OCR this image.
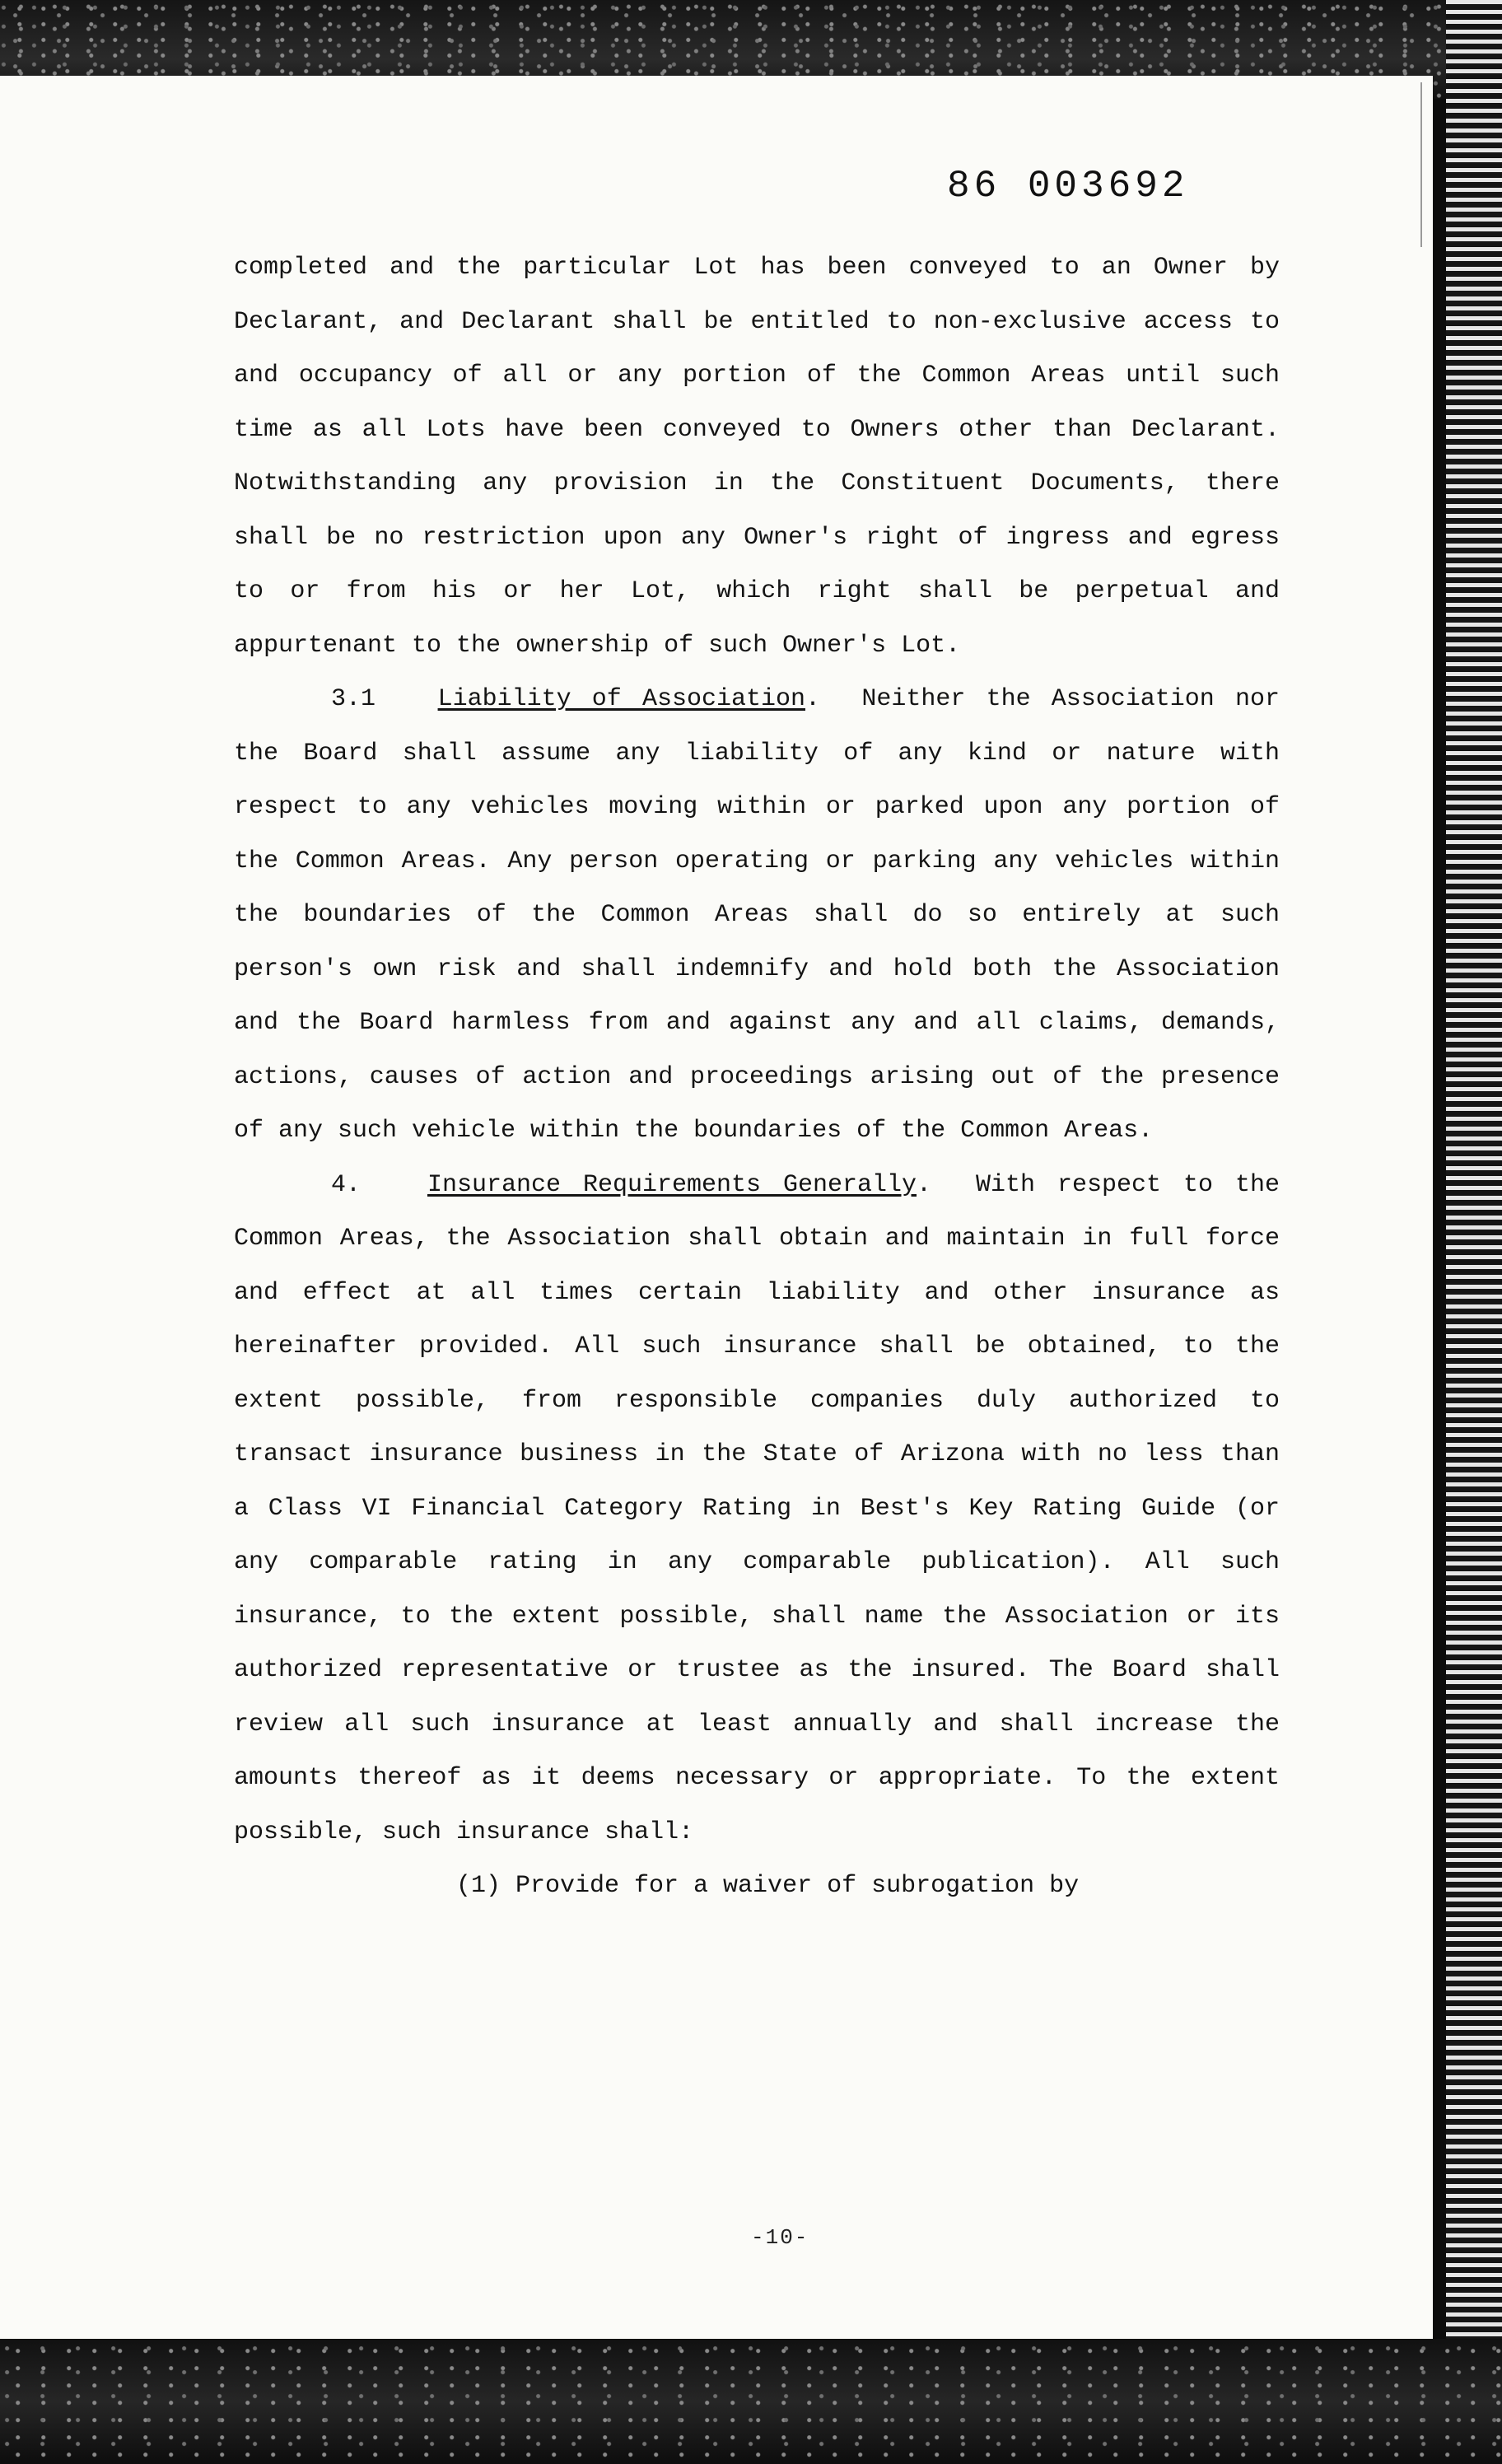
86 003692

completed and the particular Lot has been conveyed to an Owner by Declarant, and Declarant shall be entitled to non-exclusive access to and occupancy of all or any portion of the Common Areas until such time as all Lots have been conveyed to Owners other than Declarant. Notwithstanding any provision in the Constituent Documents, there shall be no restriction upon any Owner's right of ingress and egress to or from his or her Lot, which right shall be perpetual and appurtenant to the ownership of such Owner's Lot.

3.1	Liability of Association.  Neither the Association nor the Board shall assume any liability of any kind or nature with respect to any vehicles moving within or parked upon any portion of the Common Areas. Any person operating or parking any vehicles within the boundaries of the Common Areas shall do so entirely at such person's own risk and shall indemnify and hold both the Association and the Board harmless from and against any and all claims, demands, actions, causes of action and proceedings arising out of the presence of any such vehicle within the boundaries of the Common Areas.

4.	Insurance Requirements Generally.  With respect to the Common Areas, the Association shall obtain and maintain in full force and effect at all times certain liability and other insurance as hereinafter provided. All such insurance shall be obtained, to the extent possible, from responsible companies duly authorized to transact insurance business in the State of Arizona with no less than a Class VI Financial Category Rating in Best's Key Rating Guide (or any comparable rating in any comparable publication). All such insurance, to the extent possible, shall name the Association or its authorized representative or trustee as the insured. The Board shall review all such insurance at least annually and shall increase the amounts thereof as it deems necessary or appropriate. To the extent possible, such insurance shall:

(1) Provide for a waiver of subrogation by
-10-
